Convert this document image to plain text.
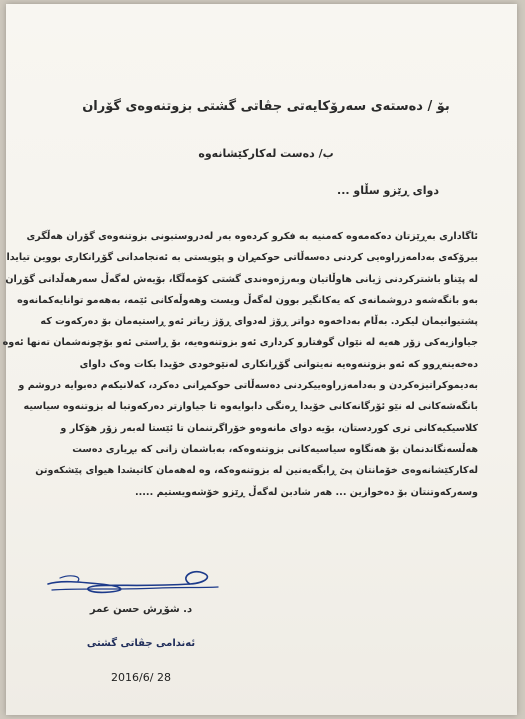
بۆ / دەستەی سەرۆکایەتی جڤاتی گشتی بزوتنەوەی گۆران
ب/ دەست لەکارکێشانەوە
دوای ڕێزو سڵاو ...
ئاگاداری بەڕێزتان دەکەمەوە کەمنیە بە فکرو کردەوە بەر لەدروستبونی بزوتنەوەی گۆران هەڵگری
بیرۆکەی بەدامەزراوەیی کردنی دەسەڵاتی حوکمڕان و پێویستی بە ئەنجامدانی گۆڕانکاری بووین تیایدا
لە پێناو باشترکردنی ژیانی هاوڵاتیان وبەرژەوەندی گشتی کۆمەڵگا، بۆیەش لەگەڵ سەرهەڵدانی گۆڕان
بەو بانگەشەو دروشمانەی کە یەکانگیر بوون لەگەڵ ویست وهەوڵەکانی ئێمە، بەهەمو توانایەکمانەوە
پشتیوانیمان لیکرد. بەڵام بەداخەوە دواتر ڕۆژ لەدوای ڕۆژ زیاتر ئەو ڕاستیەمان بۆ دەرکەوت کە
جیاوازیەکی زۆر هەیە لە نێوان گوفتارو کرداری ئەو بزوتنەوەیە، بۆ ڕاستی ئەو بۆچونەشمان تەنها ئەوە
دەخەینەڕوو کە ئەو بزوتنەوەیە نەیتوانی گۆڕانکاری لەنێوخودی خۆیدا بکات وەک داوای
بەدیموکراتیزەکردن و بەدامەزراوەییکردنی دەسەڵاتی حوکمڕانی دەکرد، کەلانیکەم دەبوایە دروشم و
بانگەشەکانی لە نێو ئۆرگانەکانی خۆیدا ڕەنگی دابوایەوە تا جیاوازتر دەرکەوتبا لە بزوتنەوە سیاسیە
کلاسیکیەکانی تری کوردستان، بۆیە دوای مانەوەو خۆراگرتنمان تا ئێستا لەبەر زۆر هۆکار و
هەڵسەنگاندنمان بۆ هەنگاوە سیاسیەکانی بزوتنەوەکە، بەباشمان زانی کە بڕیاری دەست
لەکارکێشانەوەی خۆمانتان پێ ڕابگەیەنین لە بزوتنەوەکە، وە لەهەمان کاتیشدا هیوای پێشکەوتن
وسەرکەوتنتان بۆ دەخوازین ... هەر شادبن لەگەڵ ڕێزو خۆشەویستیم .....
د. شۆڕش حسن عمر
ئەندامی جڤاتی گشتی
2016/6/ 28
